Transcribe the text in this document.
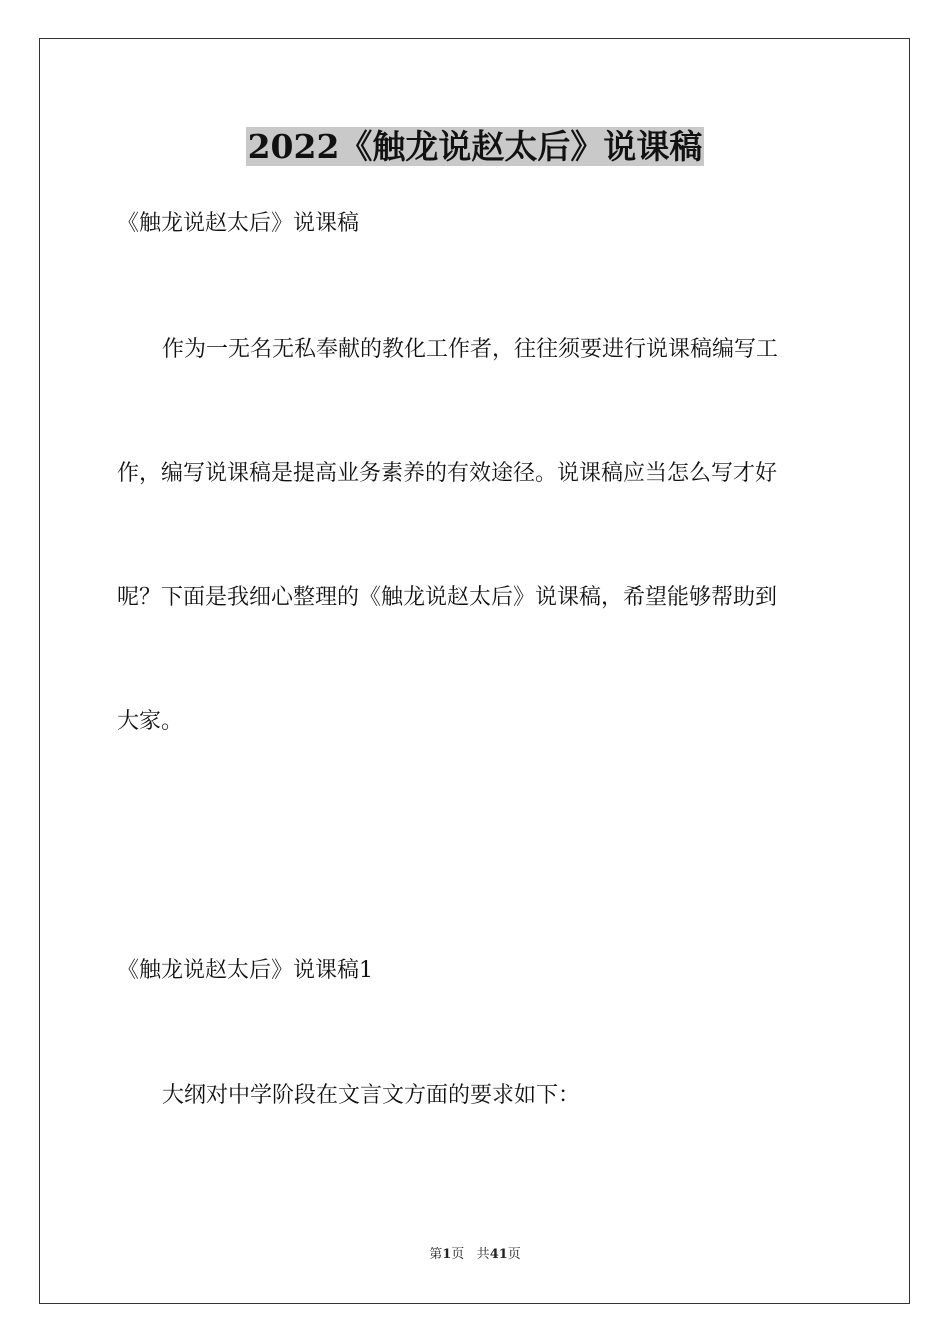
2022《触龙说赵太后》说课稿

《触龙说赵太后》说课稿

作为一无名无私奉献的教化工作者，往往须要进行说课稿编写工

作，编写说课稿是提高业务素养的有效途径。说课稿应当怎么写才好

呢？下面是我细心整理的《触龙说赵太后》说课稿，希望能够帮助到

大家。

《触龙说赵太后》说课稿1

大纲对中学阶段在文言文方面的要求如下：

第1页 共41页
